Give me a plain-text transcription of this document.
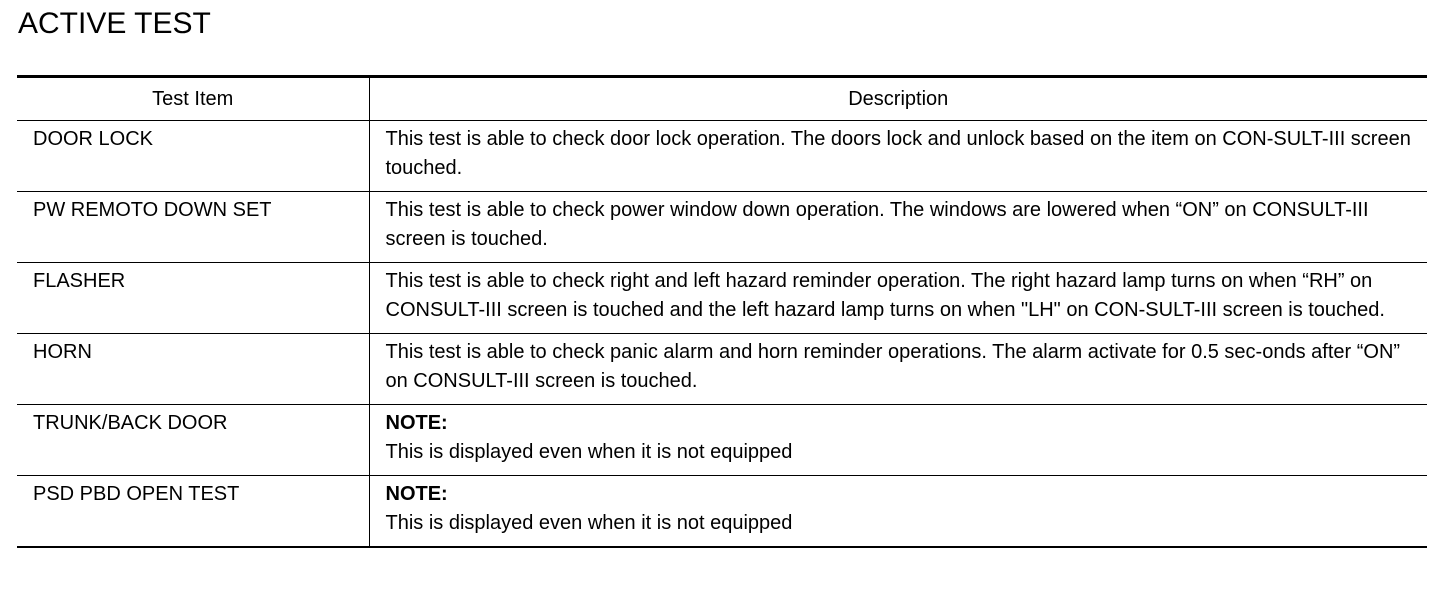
ACTIVE TEST
Test Item	Description
DOOR LOCK	This test is able to check door lock operation. The doors lock and unlock based on the item on CON-SULT-III screen touched.
PW REMOTO DOWN SET	This test is able to check power window down operation. The windows are lowered when “ON” on CONSULT-III screen is touched.
FLASHER	This test is able to check right and left hazard reminder operation. The right hazard lamp turns on when “RH” on CONSULT-III screen is touched and the left hazard lamp turns on when "LH" on CON-SULT-III screen is touched.
HORN	This test is able to check panic alarm and horn reminder operations. The alarm activate for 0.5 sec-onds after “ON” on CONSULT-III screen is touched.
TRUNK/BACK DOOR	NOTE:
This is displayed even when it is not equipped

PSD PBD OPEN TEST	NOTE:
This is displayed even when it is not equipped
